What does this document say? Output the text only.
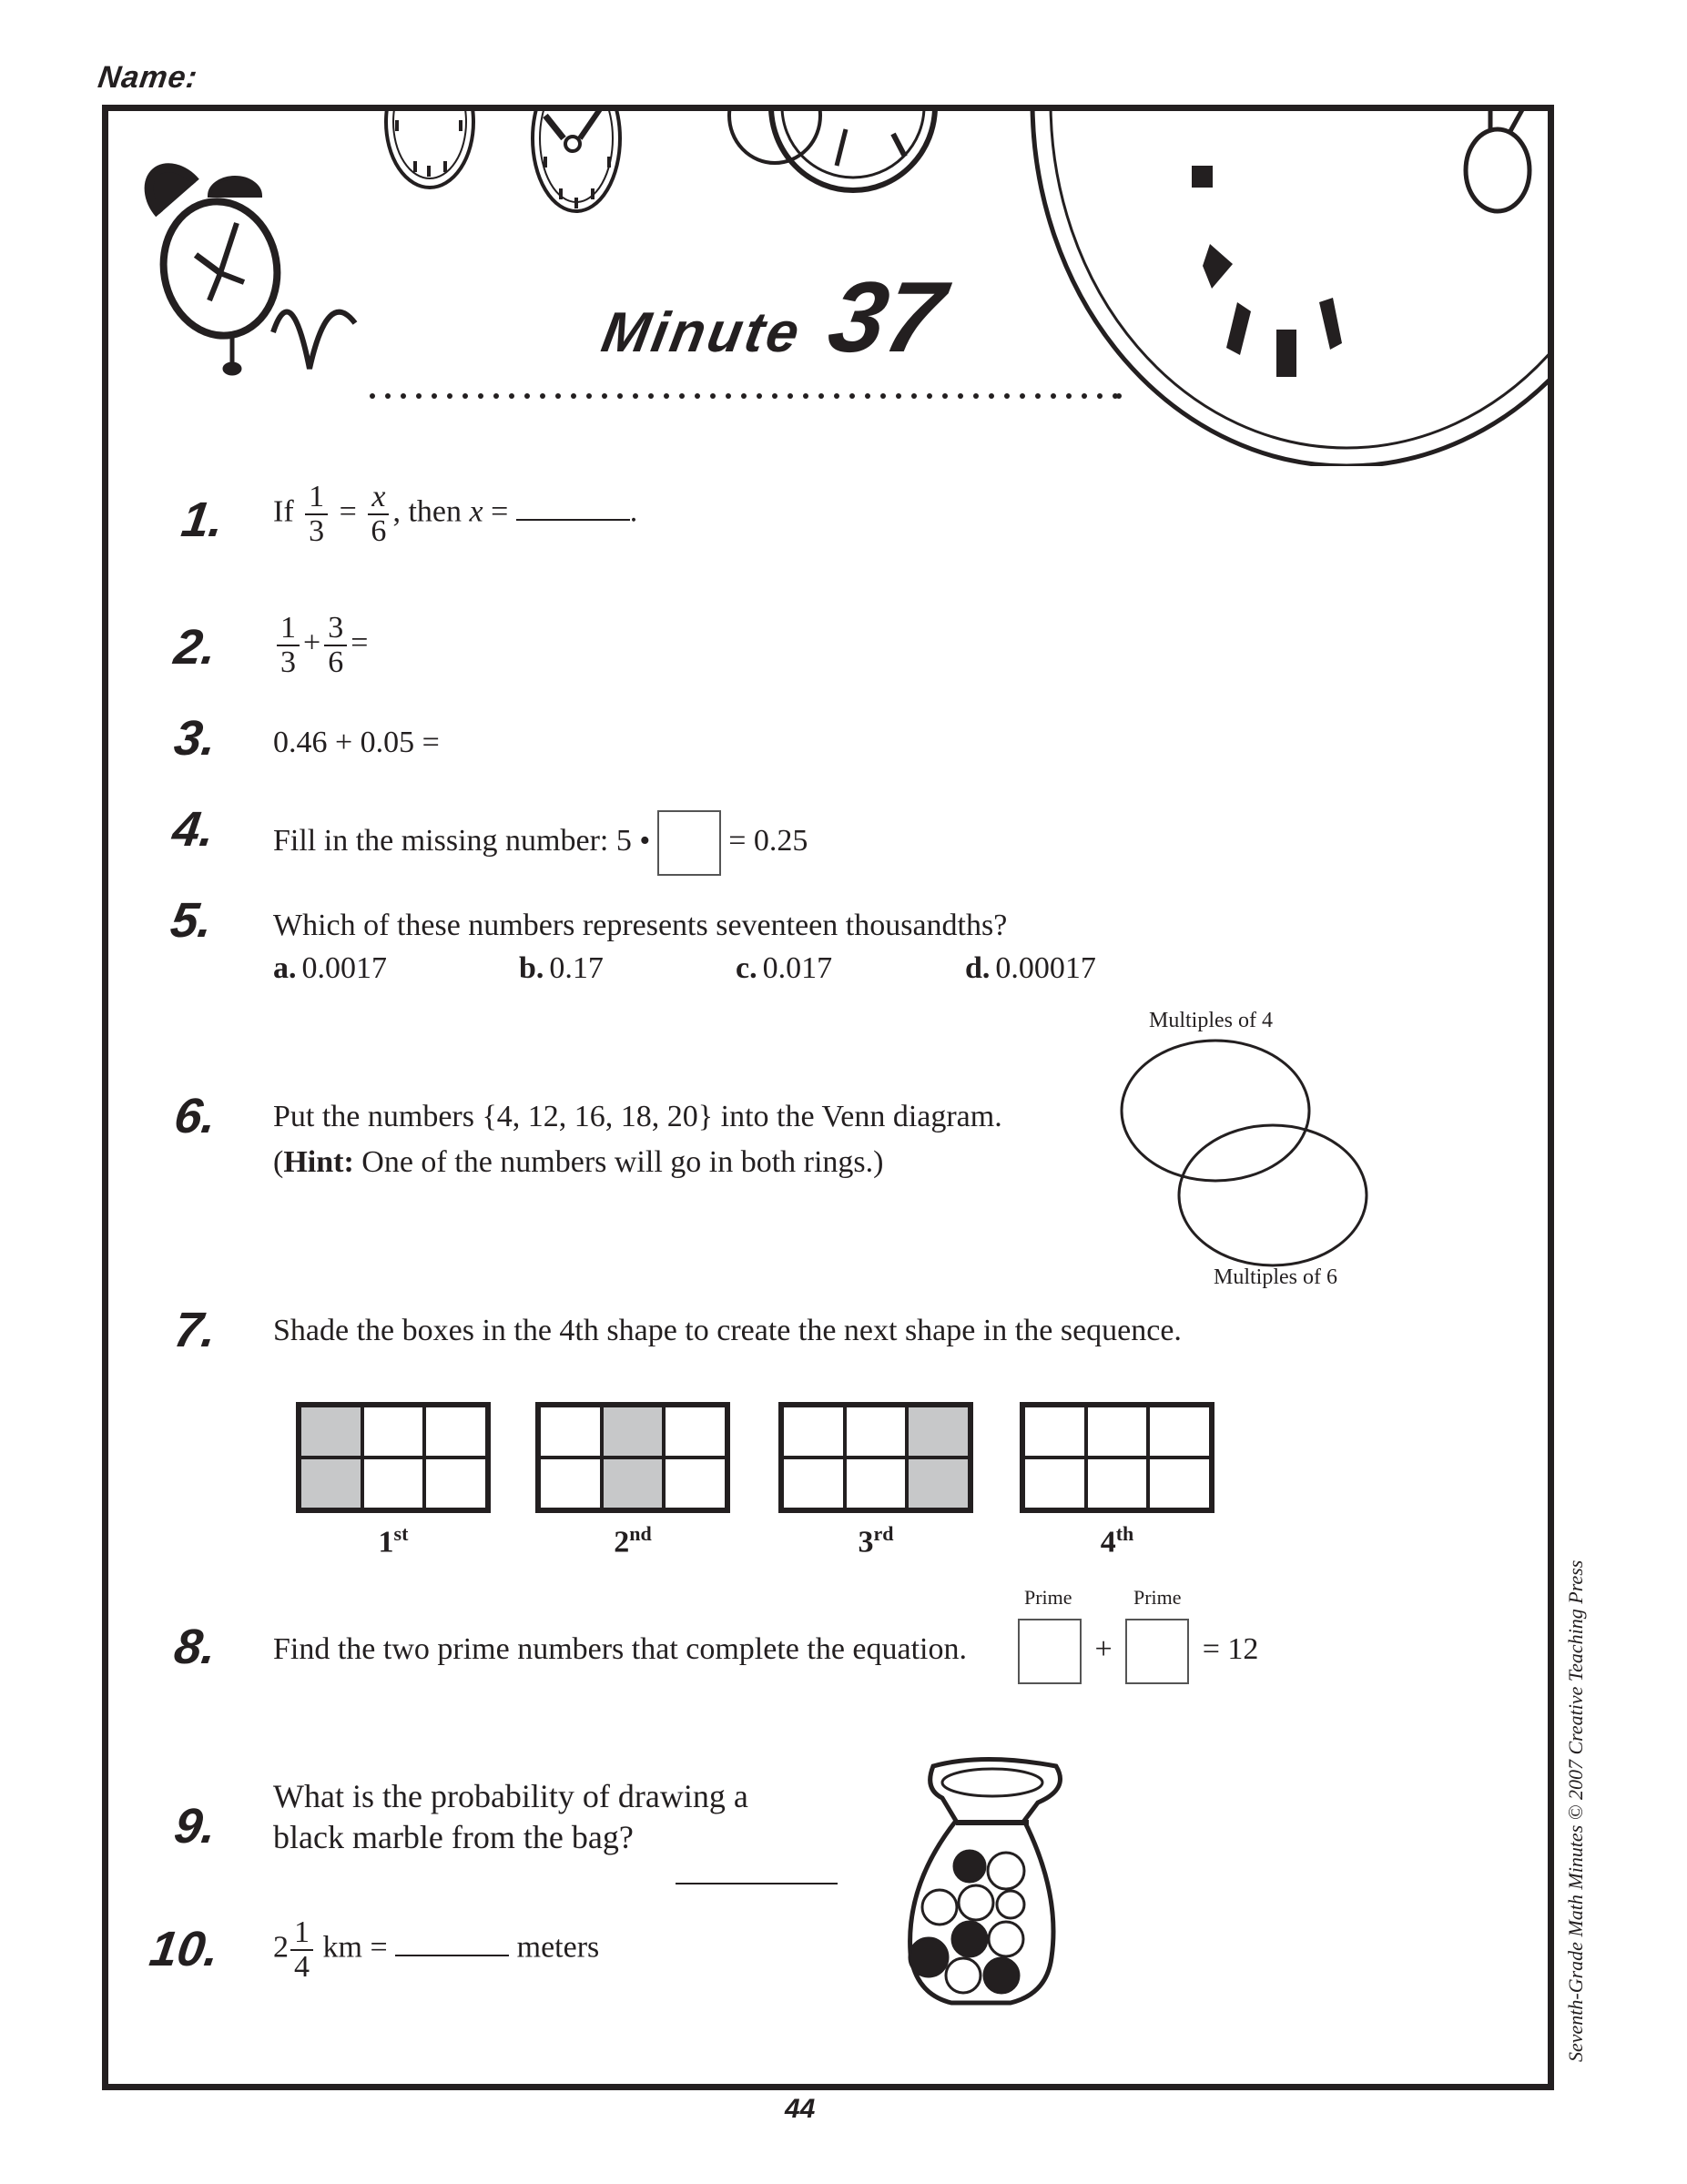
Name:
Minute 37
1. If $\frac{1}{3} = \frac{x}{6}$ , then x =	.
2. $\frac{1}{3} + \frac{3}{6}$ =
3. 0.46 + 0.05 =
4. Fill in the missing number: 5 •	= 0.25
5. Which of these numbers represents seventeen thousandths?
a. 0.0017	b. 0.17	c. 0.017	d. 0.00017
6. Put the numbers {4, 12, 16, 18, 20} into the Venn diagram.
(Hint: One of the numbers will go in both rings.)
Multiples of 4
Multiples of 6
7. Shade the boxes in the 4th shape to create the next shape in the sequence.
1st	2nd	3rd	4th
8. Find the two prime numbers that complete the equation.
Prime	Prime
+	= 12
9.
What is the probability of drawing a
black marble from the bag?
10. $2 \frac{1}{4}$ km =	meters
44
Seventh-Grade Math Minutes © 2007 Creative Teaching Press
